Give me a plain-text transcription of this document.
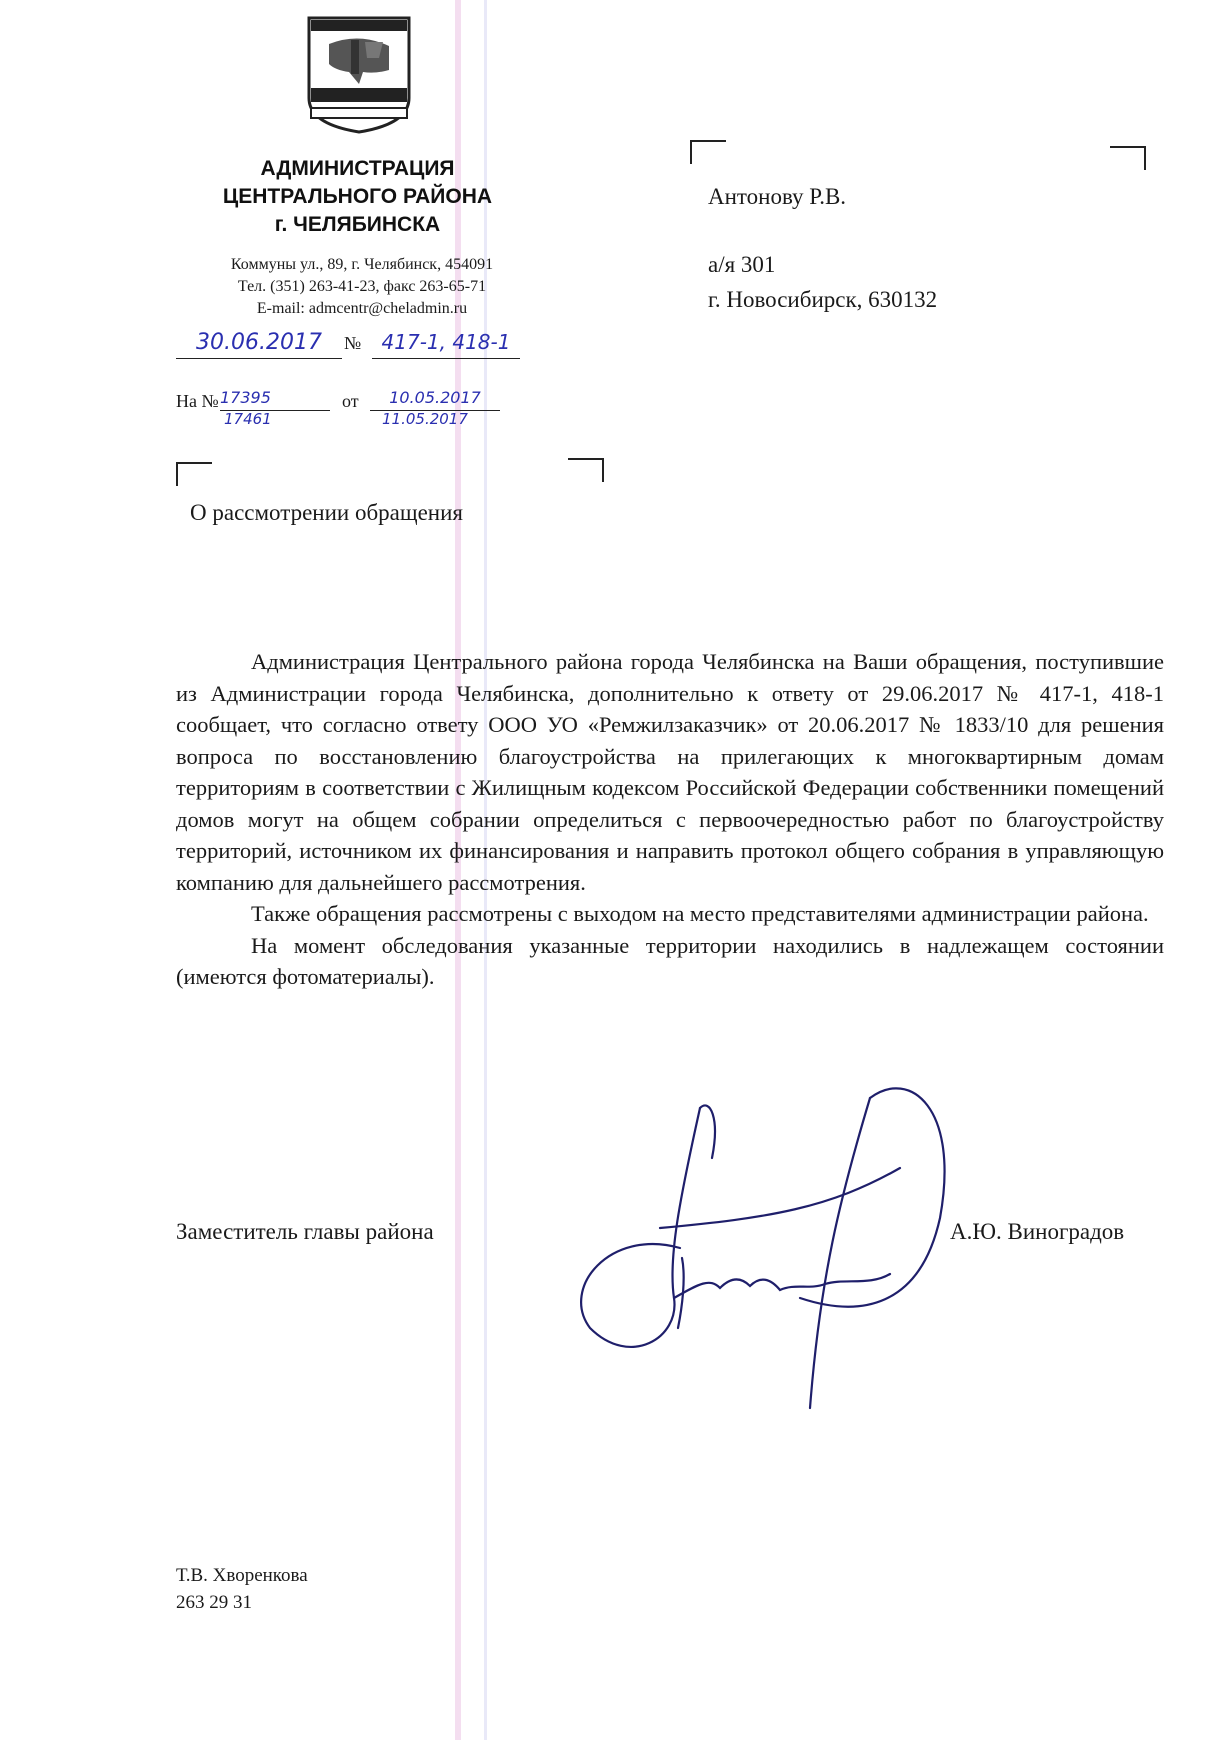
АДМИНИСТРАЦИЯ
ЦЕНТРАЛЬНОГО РАЙОНА
г. ЧЕЛЯБИНСКА
Коммуны ул., 89, г. Челябинск, 454091
Тел. (351) 263-41-23, факс 263-65-71
E-mail: admcentr@cheladmin.ru
30.06.2017	№	417-1, 418-1
На № 17395
17461
от	10.05.2017
11.05.2017
Антонову Р.В.
а/я 301
г. Новосибирск, 630132
О рассмотрении обращения

Администрация Центрального района города Челябинска на Ваши обращения, поступившие из Администрации города Челябинска, дополнительно к ответу от 29.06.2017 № 417-1, 418-1 сообщает, что согласно ответу ООО УО «Ремжилзаказчик» от 20.06.2017 № 1833/10 для решения вопроса по восстановлению благоустройства на прилегающих к многоквартирным домам территориям в соответствии с Жилищным кодексом Российской Федерации собственники помещений домов могут на общем собрании определиться с первоочередностью работ по благоустройству территорий, источником их финансирования и направить протокол общего собрания в управляющую компанию для дальнейшего рассмотрения.

Также обращения рассмотрены с выходом на место представителями администрации района.

На момент обследования указанные территории находились в надлежащем состоянии (имеются фотоматериалы).

Заместитель главы района	А.Ю. Виноградов
Т.В. Хворенкова
263 29 31
